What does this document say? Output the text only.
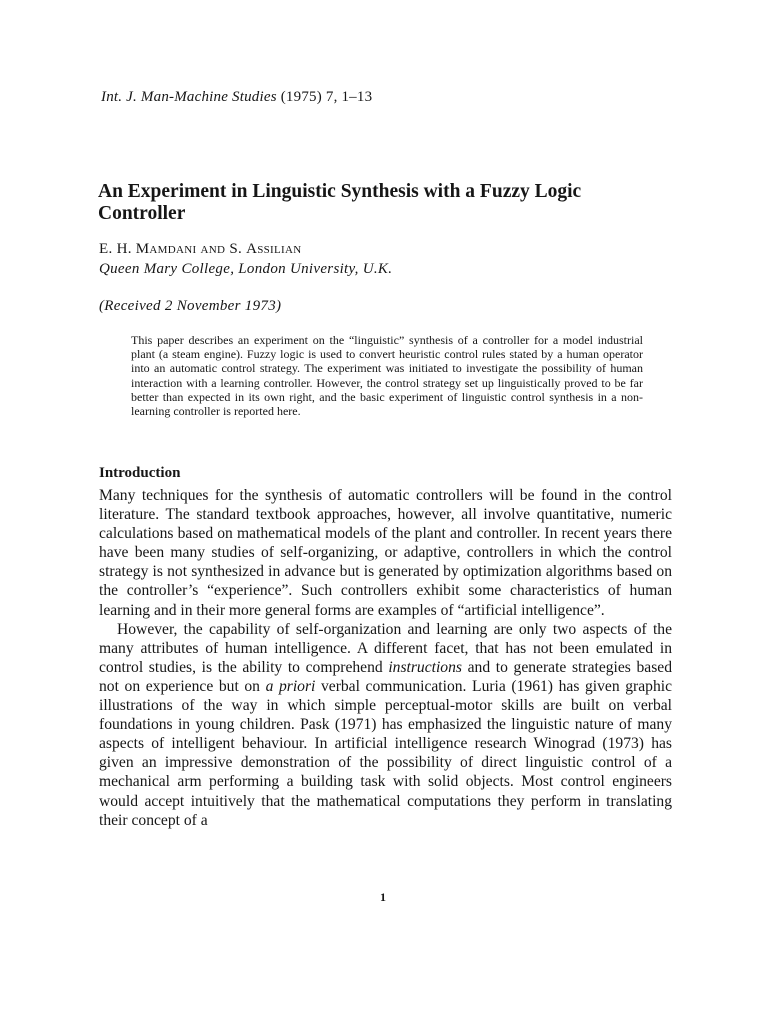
Int. J. Man-Machine Studies (1975) 7, 1–13
An Experiment in Linguistic Synthesis with a Fuzzy Logic Controller
E. H. Mamdani and S. Assilian
Queen Mary College, London University, U.K.
(Received 2 November 1973)

This paper describes an experiment on the “linguistic” synthesis of a controller for a model industrial plant (a steam engine). Fuzzy logic is used to convert heuristic control rules stated by a human operator into an automatic control strategy. The experiment was initiated to investigate the possibility of human interaction with a learning controller. However, the control strategy set up linguistically proved to be far better than expected in its own right, and the basic experiment of linguistic control synthesis in a non-learning controller is reported here.

Introduction

Many techniques for the synthesis of automatic controllers will be found in the control literature. The standard textbook approaches, however, all involve quantitative, numeric calculations based on mathematical models of the plant and controller. In recent years there have been many studies of self-organizing, or adaptive, controllers in which the control strategy is not synthesized in advance but is generated by optimization algorithms based on the controller’s “experience”. Such controllers exhibit some characteristics of human learning and in their more general forms are examples of “artificial intelligence”.

However, the capability of self-organization and learning are only two aspects of the many attributes of human intelligence. A different facet, that has not been emulated in control studies, is the ability to comprehend instructions and to generate strategies based not on experience but on a priori verbal communication. Luria (1961) has given graphic illustrations of the way in which simple perceptual-motor skills are built on verbal foundations in young children. Pask (1971) has emphasized the linguistic nature of many aspects of intelligent behaviour. In artificial intelligence research Winograd (1973) has given an impressive demonstration of the possibility of direct linguistic control of a mechanical arm performing a building task with solid objects. Most control engineers would accept intuitively that the mathematical computations they perform in translating their concept of a

1
